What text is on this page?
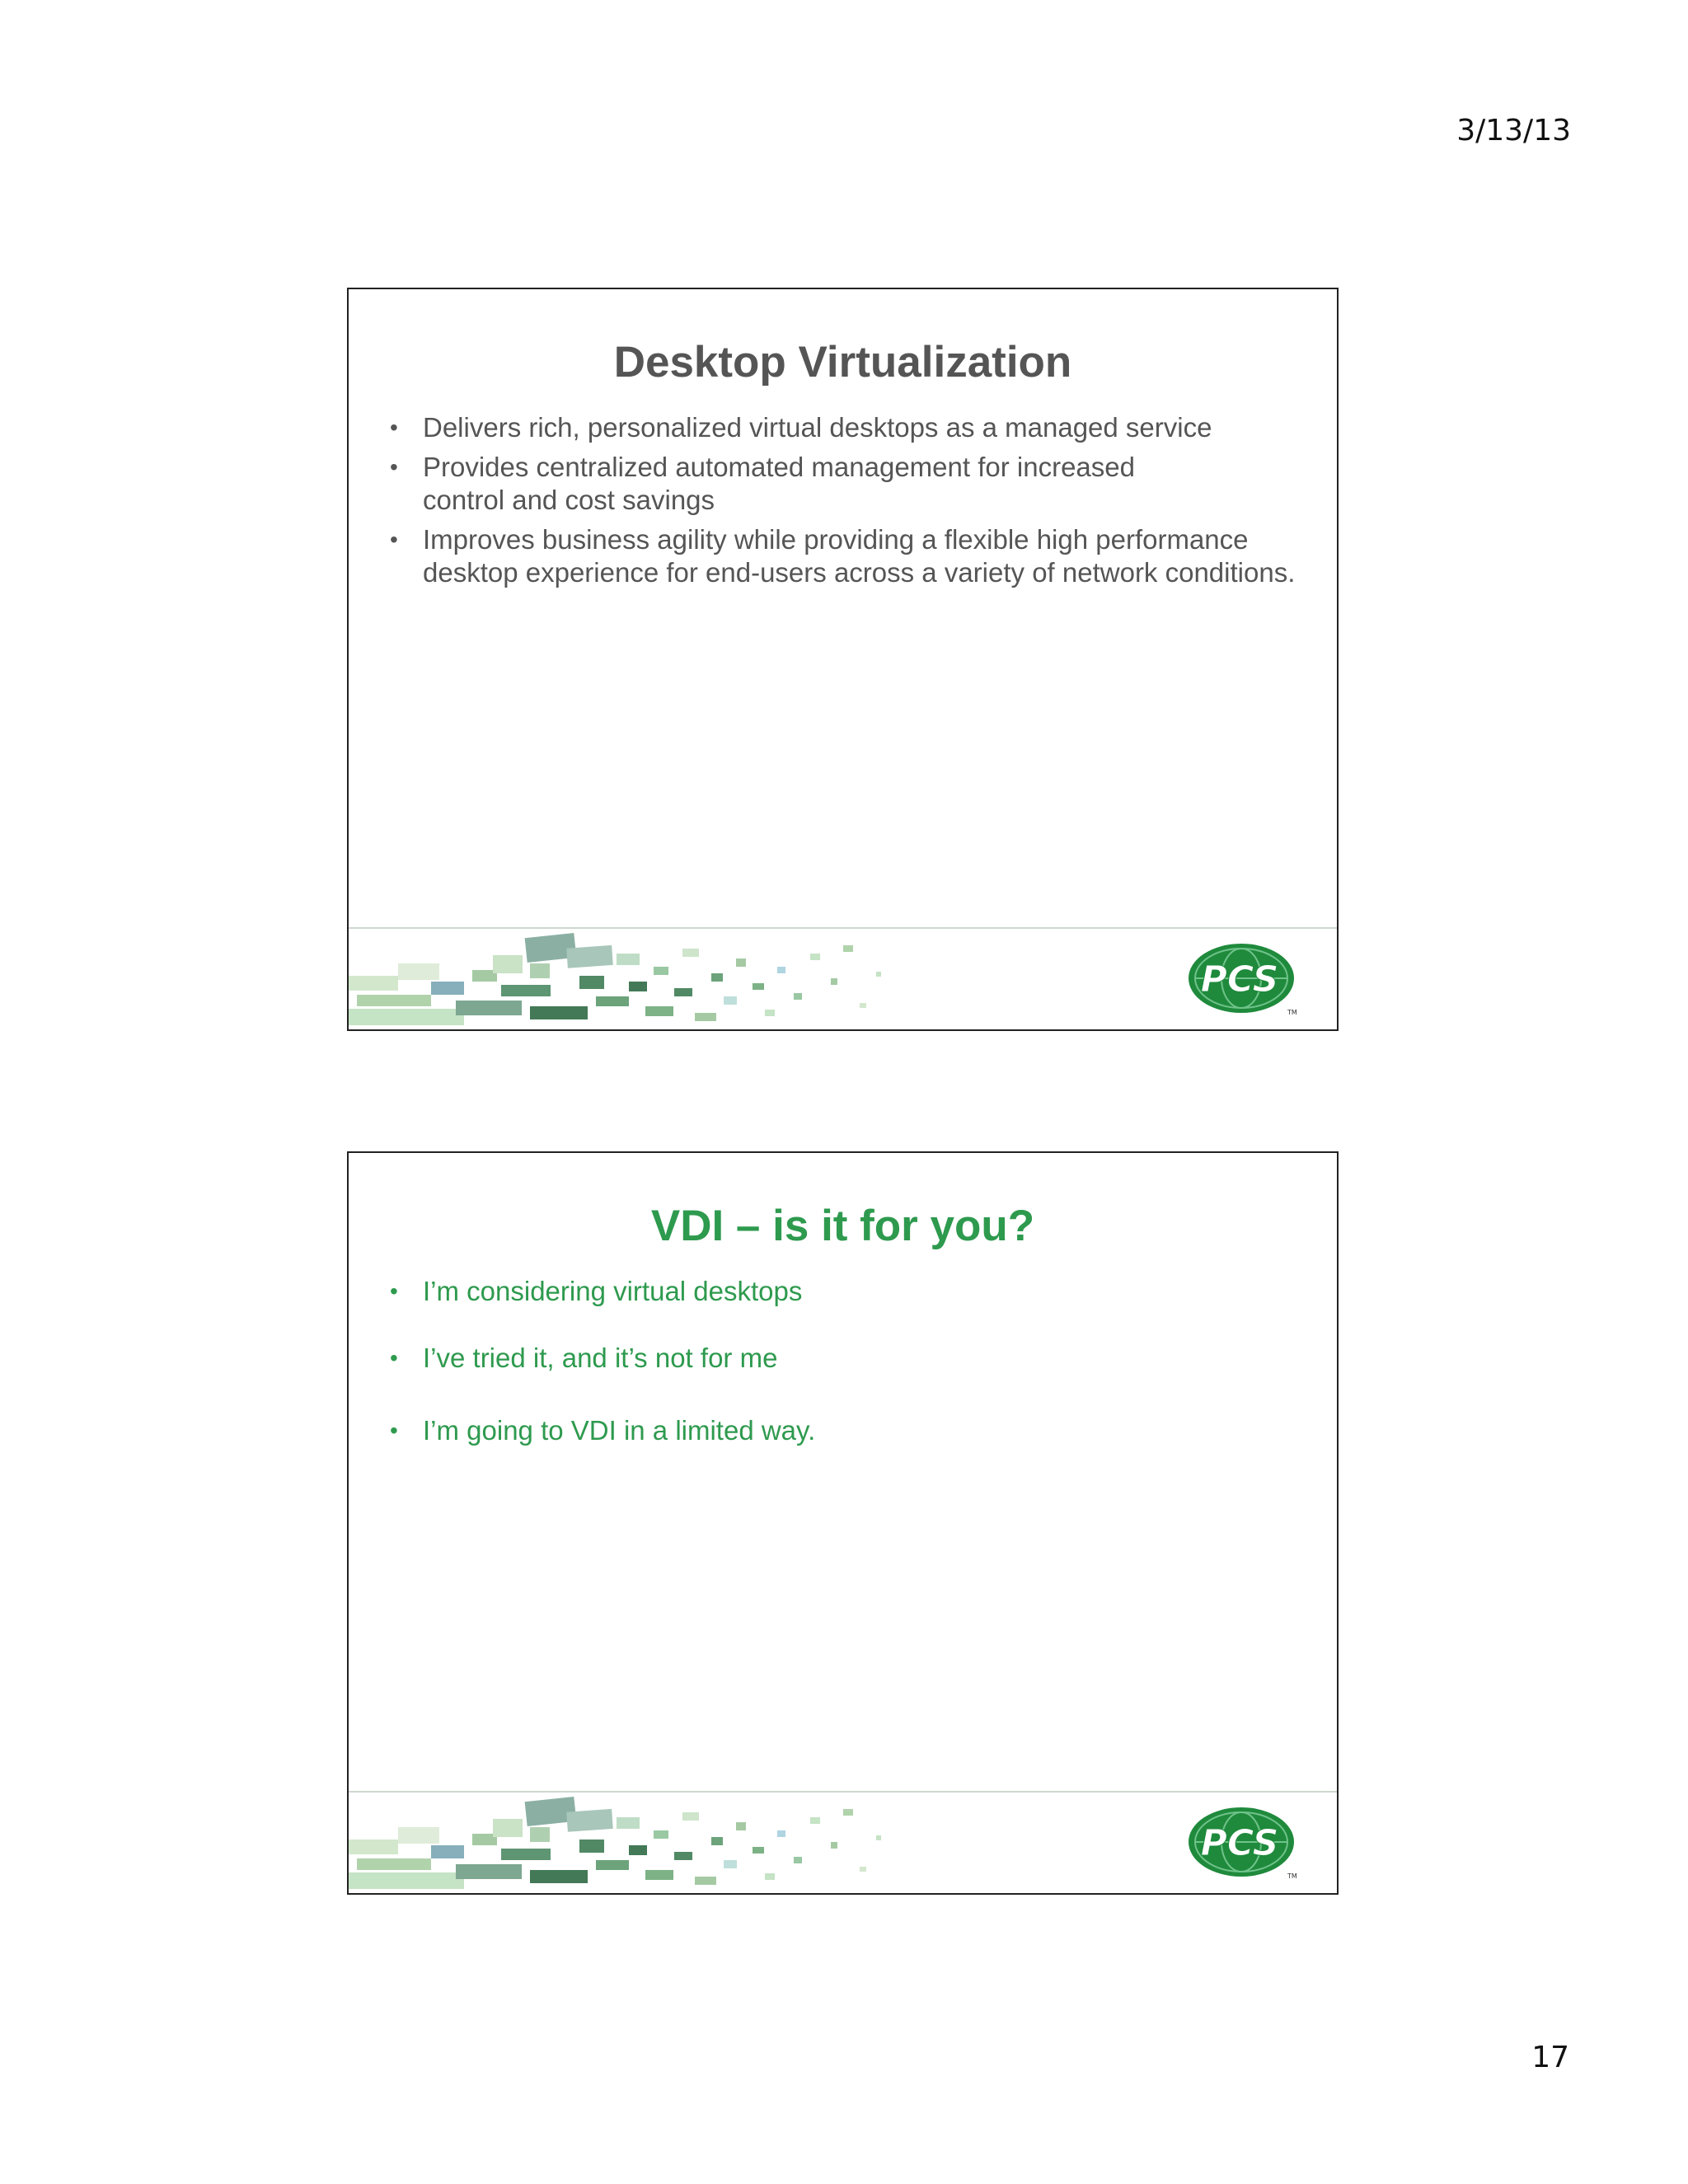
3/13/13
Desktop Virtualization
• Delivers rich, personalized virtual desktops as a managed service
• Provides centralized automated management for increased control and cost savings
• Improves business agility while providing a flexible high performance desktop experience for end-users across a variety of network conditions.
PCS
TM
VDI – is it for you?
• I’m considering virtual desktops
• I’ve tried it, and it’s not for me
• I’m going to VDI in a limited way.
PCS
TM
17
